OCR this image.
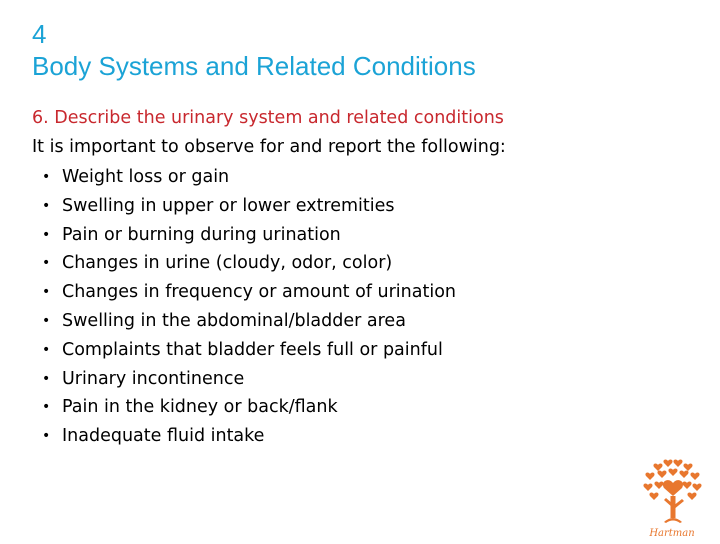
4
Body Systems and Related Conditions
6. Describe the urinary system and related conditions
It is important to observe for and report the following:
• Weight loss or gain
• Swelling in upper or lower extremities
• Pain or burning during urination
• Changes in urine (cloudy, odor, color)
• Changes in frequency or amount of urination
• Swelling in the abdominal/bladder area
• Complaints that bladder feels full or painful
• Urinary incontinence
• Pain in the kidney or back/flank
• Inadequate fluid intake
Hartman
